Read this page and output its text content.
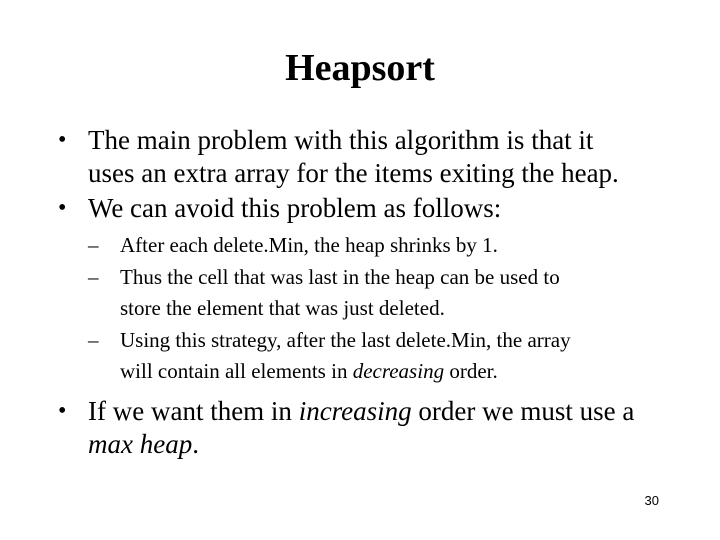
Heapsort
• The main problem with this algorithm is that it
uses an extra array for the items exiting the heap.
• We can avoid this problem as follows:
– After each delete.Min, the heap shrinks by 1.
– Thus the cell that was last in the heap can be used to
store the element that was just deleted.
– Using this strategy, after the last delete.Min, the array
will contain all elements in decreasing order.
• If we want them in increasing order we must use a
max heap.
30
